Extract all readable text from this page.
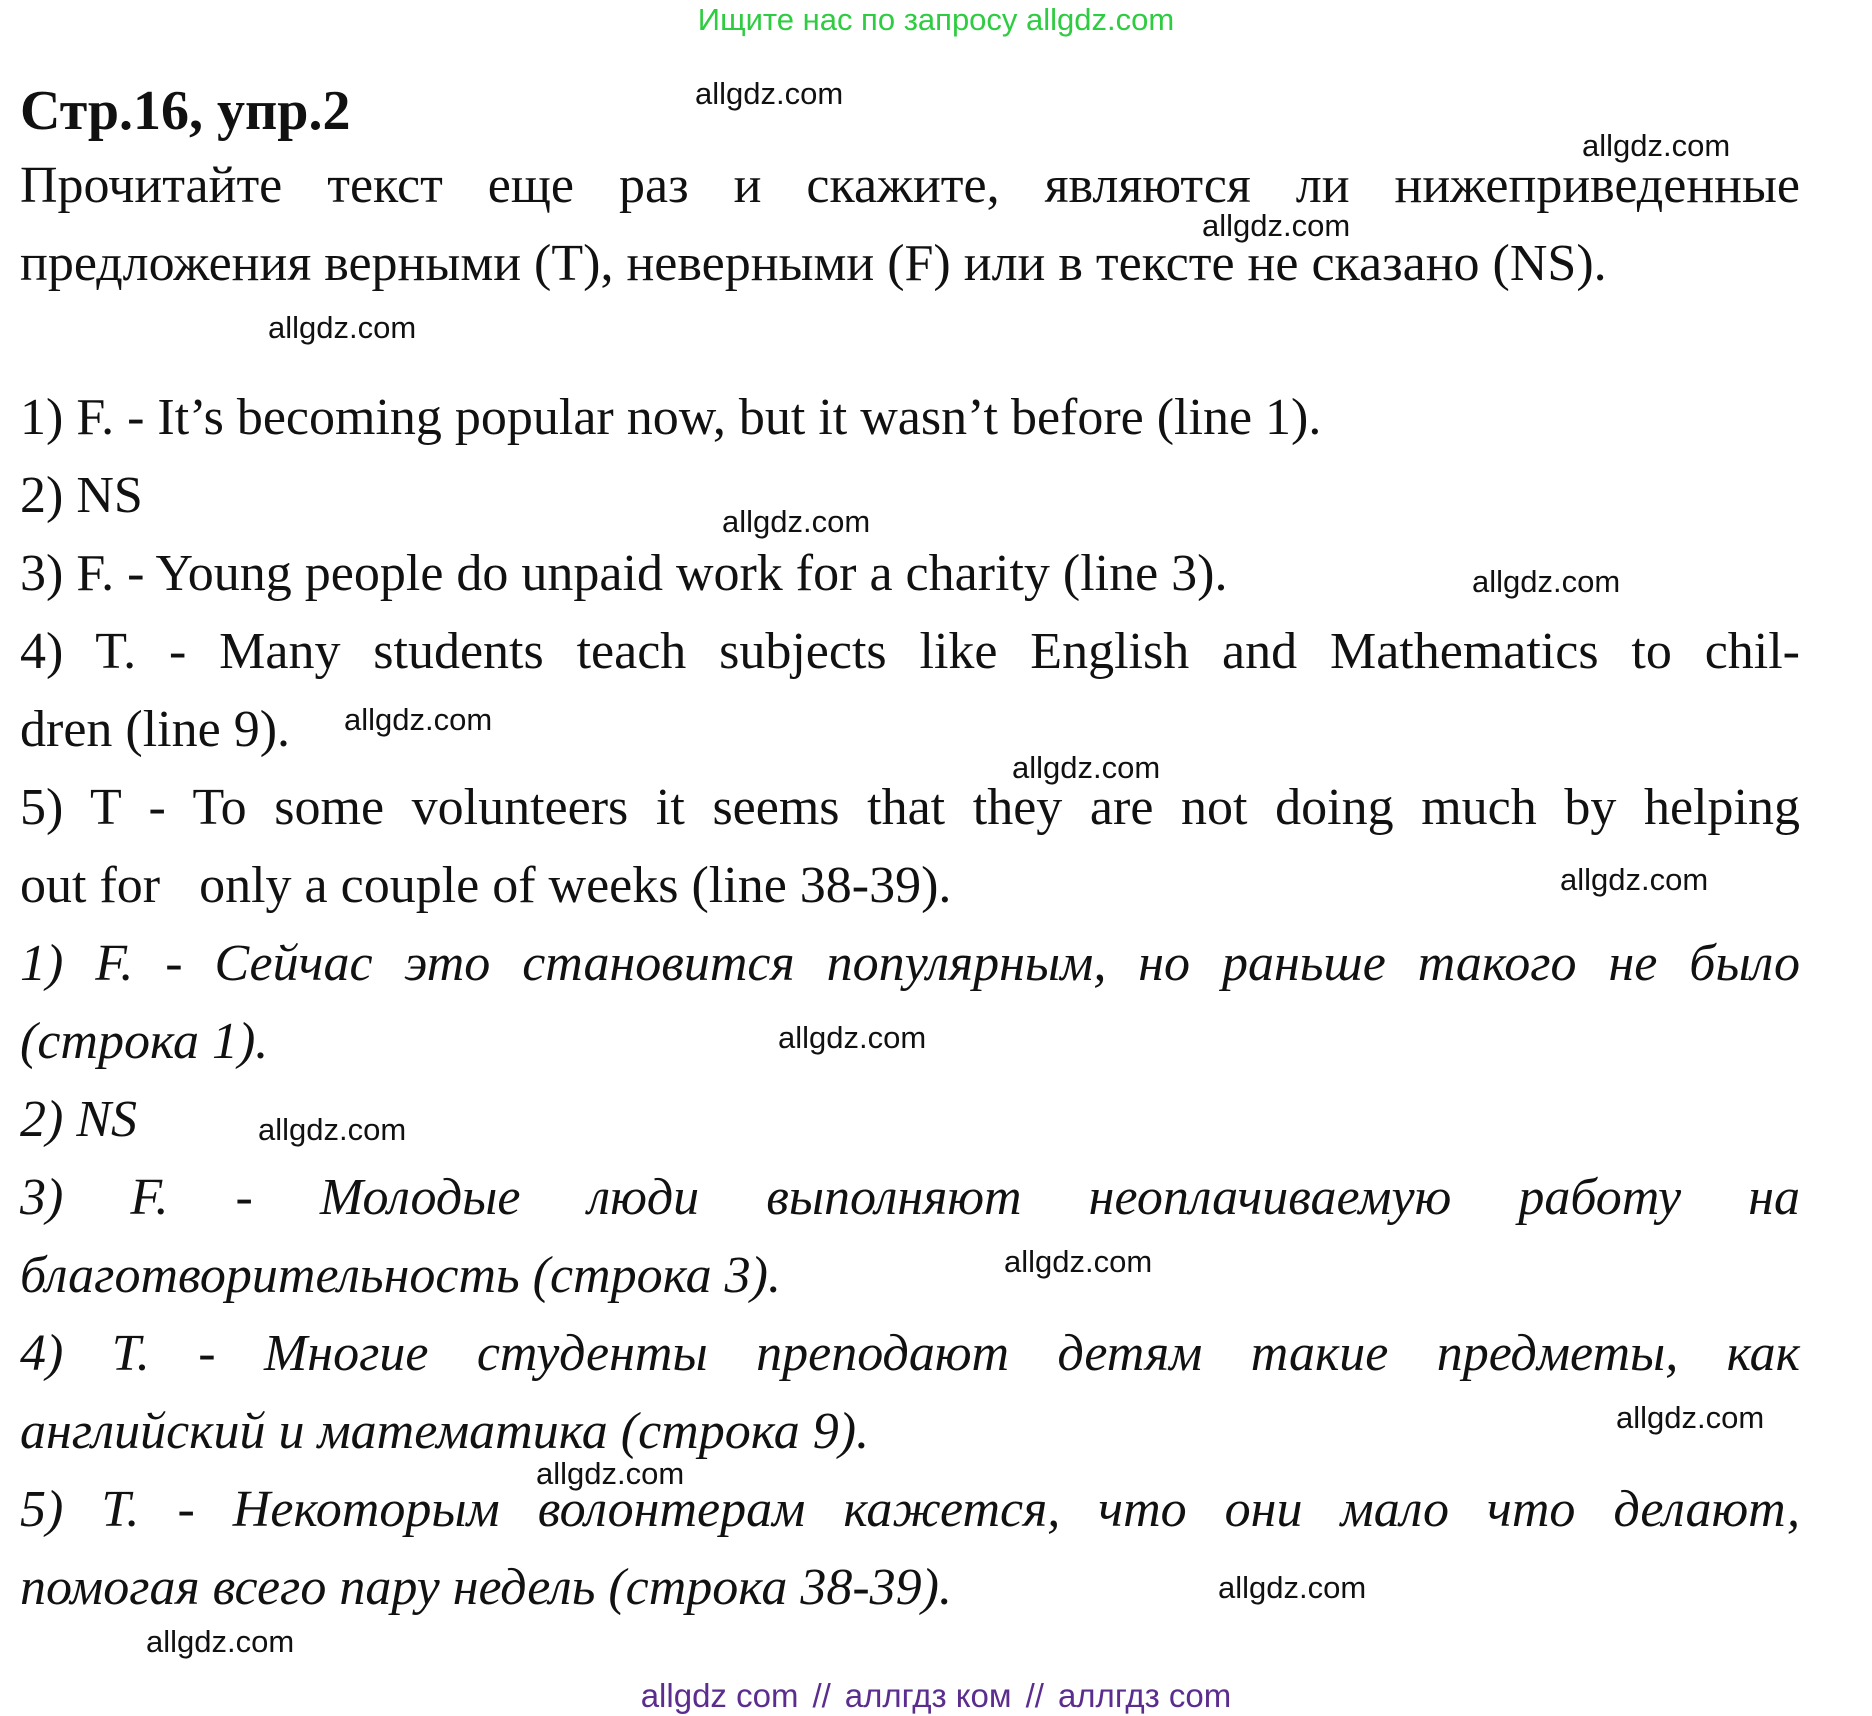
Ищите нас по запросу allgdz.com
Стр.16, упр.2
Прочитайте текст еще раз и скажите, являются ли нижеприведенные
предложения верными (T), неверными (F) или в тексте не сказано (NS).
1) F. - It’s becoming popular now, but it wasn’t before (line 1).
2) NS
3) F. - Young people do unpaid work for a charity (line 3).
4) T. - Many students teach subjects like English and Mathematics to chil-
dren (line 9).
5) T - To some volunteers it seems that they are not doing much by helping
out for   only a couple of weeks (line 38-39).
1) F. - Сейчас это становится популярным, но раньше такого не было
(строка 1).
2) NS
3) F. - Молодые люди выполняют неоплачиваемую работу на
благотворительность (строка 3).
4) T. - Многие студенты преподают детям такие предметы, как
английский и математика (строка 9).
5) T. - Некоторым волонтерам кажется, что они мало что делают,
помогая всего пару недель (строка 38-39).
allgdz.com
allgdz.com
allgdz.com
allgdz.com
allgdz.com
allgdz.com
allgdz.com
allgdz.com
allgdz.com
allgdz.com
allgdz.com
allgdz.com
allgdz.com
allgdz.com
allgdz.com
allgdz.com
allgdz com // аллгдз ком // аллгдз com
